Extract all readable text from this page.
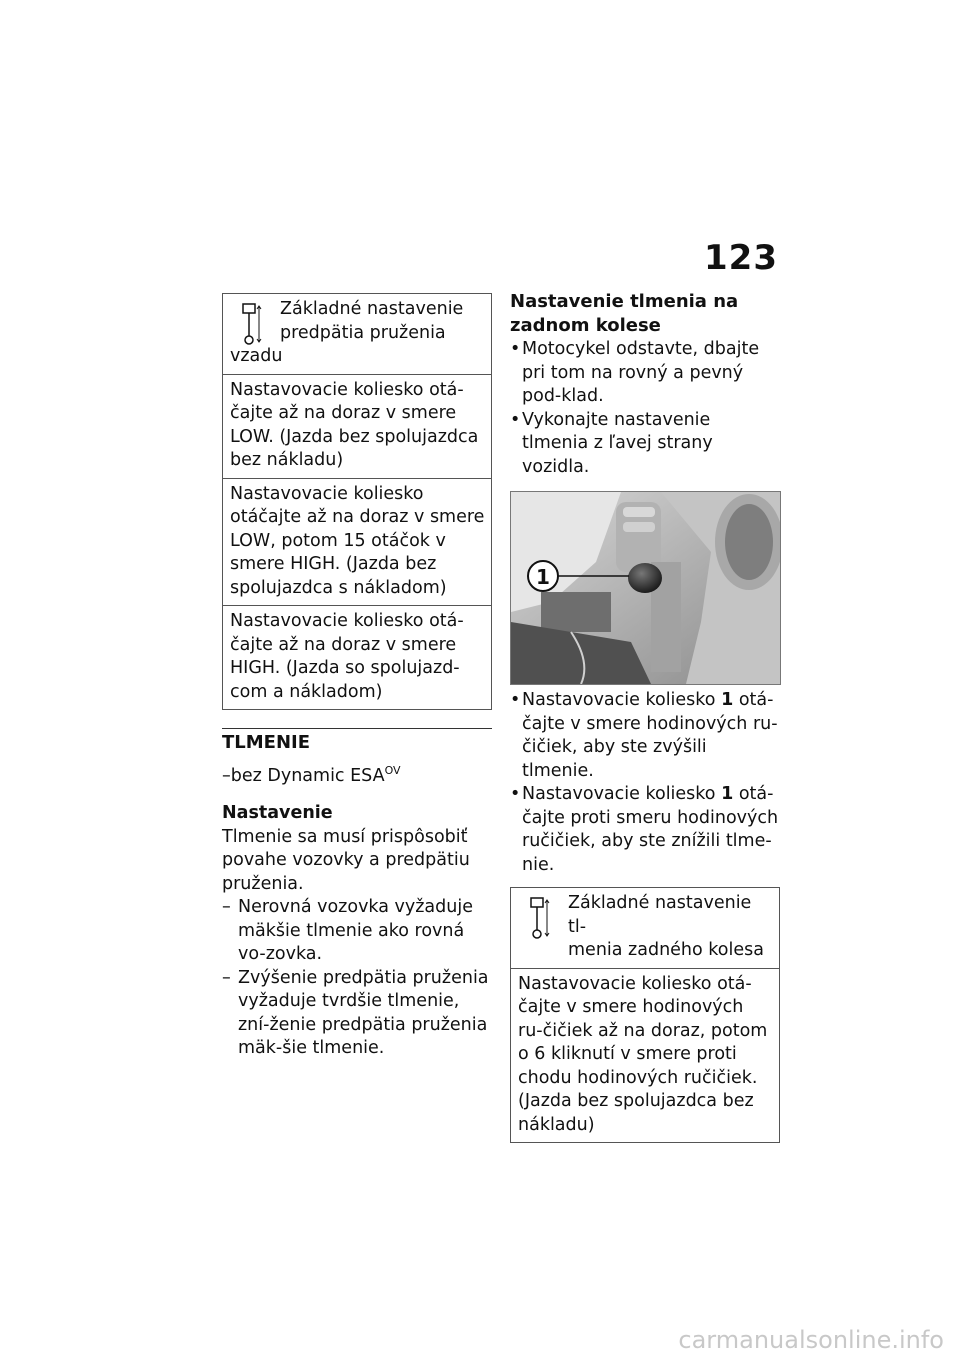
123
Základné nastavenie
predpätia pruženia
vzadu
Nastavovacie koliesko otá-čajte až na doraz v smere LOW. (Jazda bez spolujazdca bez nákladu)
Nastavovacie koliesko otáčajte až na doraz v smere LOW, potom 15 otáčok v smere HIGH. (Jazda bez spolujazdca s nákladom)
Nastavovacie koliesko otá-čajte až na doraz v smere HIGH. (Jazda so spolujazd-com a nákladom)
TLMENIE
–bez Dynamic $ESA^{OV}$
Nastavenie
Tlmenie sa musí prispôsobiť povahe vozovky a predpätiu pruženia.
– Nerovná vozovka vyžaduje mäkšie tlmenie ako rovná vo-zovka.
– Zvýšenie predpätia pruženia vyžaduje tvrdšie tlmenie, zní-ženie predpätia pruženia mäk-šie tlmenie.
Nastavenie tlmenia na zadnom kolese
• Motocykel odstavte, dbajte pri tom na rovný a pevný pod-klad.
• Vykonajte nastavenie tlmenia z ľavej strany vozidla.
1
• Nastavovacie koliesko 1 otá-čajte v smere hodinových ru-čičiek, aby ste zvýšili tlmenie.
• Nastavovacie koliesko 1 otá-čajte proti smeru hodinových ručičiek, aby ste znížili tlme-nie.
Základné nastavenie tl-
menia zadného kolesa
Nastavovacie koliesko otá-čajte v smere hodinových ru-čičiek až na doraz, potom o 6 kliknutí v smere proti chodu hodinových ručičiek. (Jazda bez spolujazdca bez nákladu)
carmanualsonline.info
